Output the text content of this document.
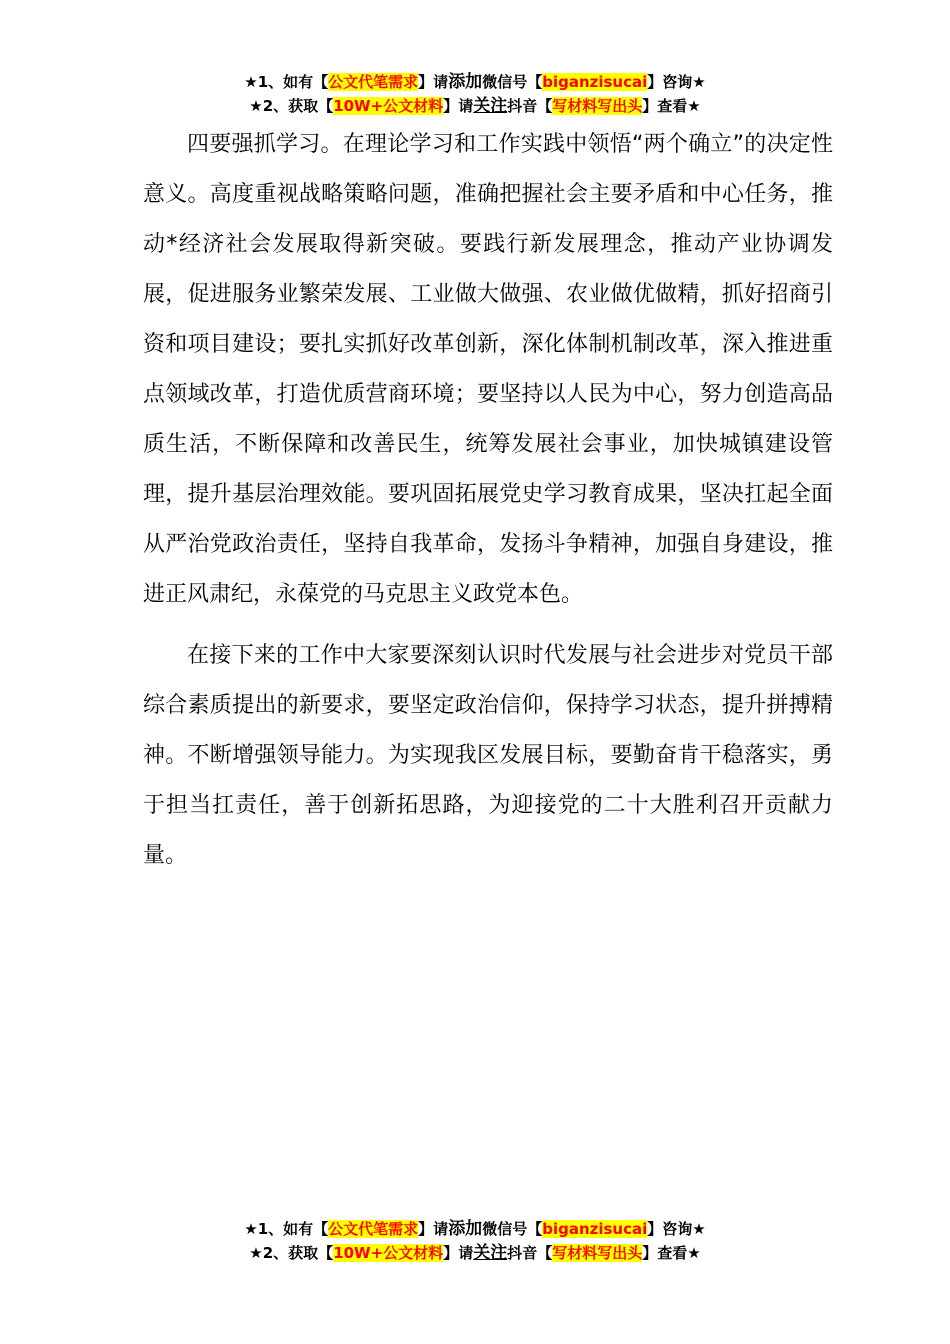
★1、如有【公文代笔需求】请添加微信号【biganzisucai】咨询★
★2、获取【10W+公文材料】请关注抖音【写材料写出头】查看★

四要强抓学习。在理论学习和工作实践中领悟“两个确立”的决定性意义。高度重视战略策略问题，准确把握社会主要矛盾和中心任务，推动*经济社会发展取得新突破。要践行新发展理念，推动产业协调发展，促进服务业繁荣发展、工业做大做强、农业做优做精，抓好招商引资和项目建设；要扎实抓好改革创新，深化体制机制改革，深入推进重点领域改革，打造优质营商环境；要坚持以人民为中心，努力创造高品质生活，不断保障和改善民生，统筹发展社会事业，加快城镇建设管理，提升基层治理效能。要巩固拓展党史学习教育成果，坚决扛起全面从严治党政治责任，坚持自我革命，发扬斗争精神，加强自身建设，推进正风肃纪，永葆党的马克思主义政党本色。

在接下来的工作中大家要深刻认识时代发展与社会进步对党员干部综合素质提出的新要求，要坚定政治信仰，保持学习状态，提升拼搏精神。不断增强领导能力。为实现我区发展目标，要勤奋肯干稳落实，勇于担当扛责任，善于创新拓思路，为迎接党的二十大胜利召开贡献力量。

★1、如有【公文代笔需求】请添加微信号【biganzisucai】咨询★
★2、获取【10W+公文材料】请关注抖音【写材料写出头】查看★
